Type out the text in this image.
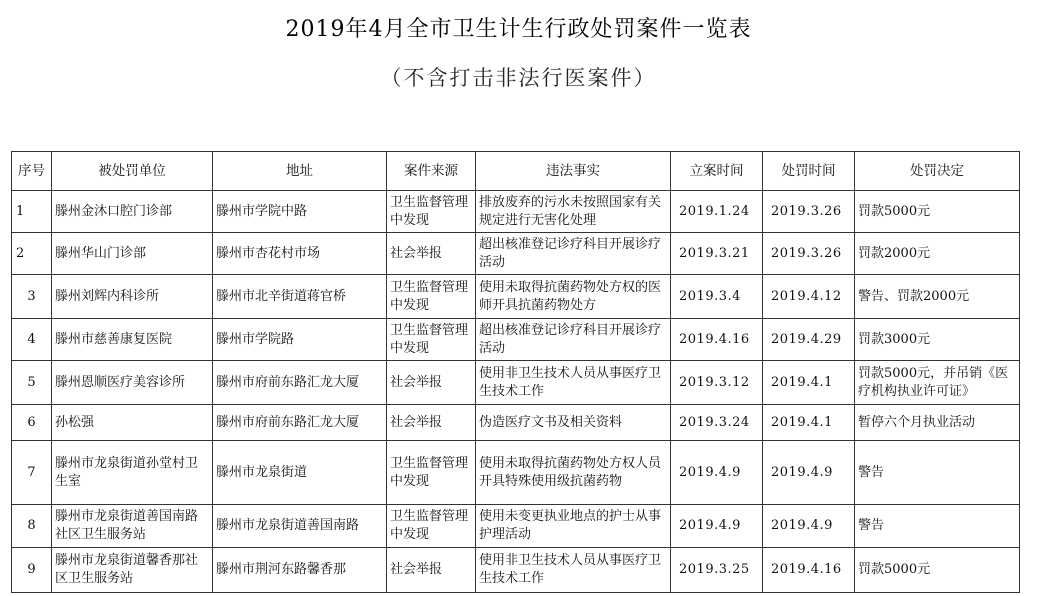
2019年4月全市卫生计生行政处罚案件一览表
（不含打击非法行医案件）
序号	被处罚单位	地址	案件来源	违法事实	立案时间	处罚时间	处罚决定
1	滕州金沐口腔门诊部	滕州市学院中路	卫生监督管理中发现	排放废弃的污水未按照国家有关规定进行无害化处理	2019.1.24	2019.3.26	罚款5000元
2	滕州华山门诊部	滕州市杏花村市场	社会举报	超出核准登记诊疗科目开展诊疗活动	2019.3.21	2019.3.26	罚款2000元
3	滕州刘辉内科诊所	滕州市北辛街道蒋官桥	卫生监督管理中发现	使用未取得抗菌药物处方权的医师开具抗菌药物处方	2019.3.4	2019.4.12	警告、罚款2000元
4	滕州市慈善康复医院	滕州市学院路	卫生监督管理中发现	超出核准登记诊疗科目开展诊疗活动	2019.4.16	2019.4.29	罚款3000元
5	滕州恩顺医疗美容诊所	滕州市府前东路汇龙大厦	社会举报	使用非卫生技术人员从事医疗卫生技术工作	2019.3.12	2019.4.1	罚款5000元，并吊销《医疗机构执业许可证》
6	孙松强	滕州市府前东路汇龙大厦	社会举报	伪造医疗文书及相关资料	2019.3.24	2019.4.1	暂停六个月执业活动
7	滕州市龙泉街道孙堂村卫生室	滕州市龙泉街道	卫生监督管理中发现	使用未取得抗菌药物处方权人员开具特殊使用级抗菌药物	2019.4.9	2019.4.9	警告
8	滕州市龙泉街道善国南路社区卫生服务站	滕州市龙泉街道善国南路	卫生监督管理中发现	使用未变更执业地点的护士从事护理活动	2019.4.9	2019.4.9	警告
9	滕州市龙泉街道馨香那社区卫生服务站	滕州市荆河东路馨香那	社会举报	使用非卫生技术人员从事医疗卫生技术工作	2019.3.25	2019.4.16	罚款5000元
